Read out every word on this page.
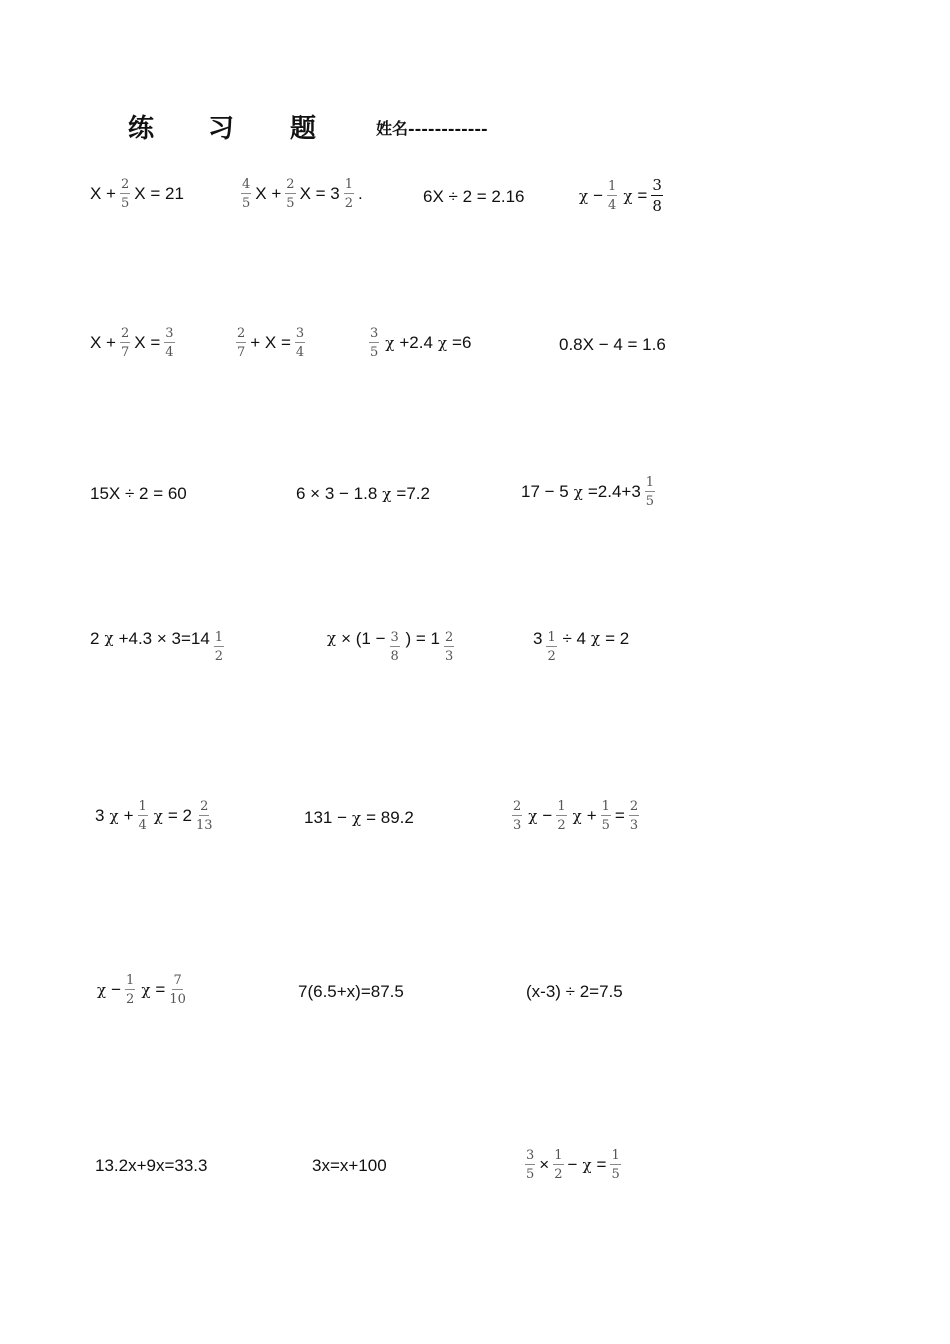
练 习 题	姓名------------
$X + \frac{2}{5}$ X = 21	$\frac{4}{5}$ $X + \frac{2}{5}$ $X = 3 \frac{1}{2}$ .	6X ÷ 2 = 2.16	$\chi - \frac{1}{4}$ $\chi = \frac{3}{8}$
$X + \frac{2}{7}$ $X = \frac{3}{4}$	$\frac{2}{7} + X = \frac{3}{4}$	$\frac{3}{5}$ χ +2.4 χ =6	0.8X − 4 = 1.6
15X ÷ 2 = 60	6 × 3 − 1.8 χ =7.2	17 − 5 $\chi =2.4+3 \frac{1}{5}$
2 $\chi +4.3 \times 3=14 \frac{1}{2}$	$\chi \times (1 - \frac{3}{8}$ ) = $1 \frac{2}{3}$	$3 \frac{1}{2} \div 4$ χ = 2
3 $\chi + \frac{1}{4}$ $\chi = 2 \frac{2}{13}$	131 − χ = 89.2	$\frac{2}{3}$ $\chi - \frac{1}{2}$ $\chi + \frac{1}{5} = \frac{2}{3}$
$\chi - \frac{1}{2}$ $\chi = \frac{7}{10}$	7(6.5+x)=87.5	(x-3) ÷ 2=7.5
13.2x+9x=33.3	3x=x+100	$\frac{3}{5} \times \frac{1}{2} - \chi = \frac{1}{5}$
